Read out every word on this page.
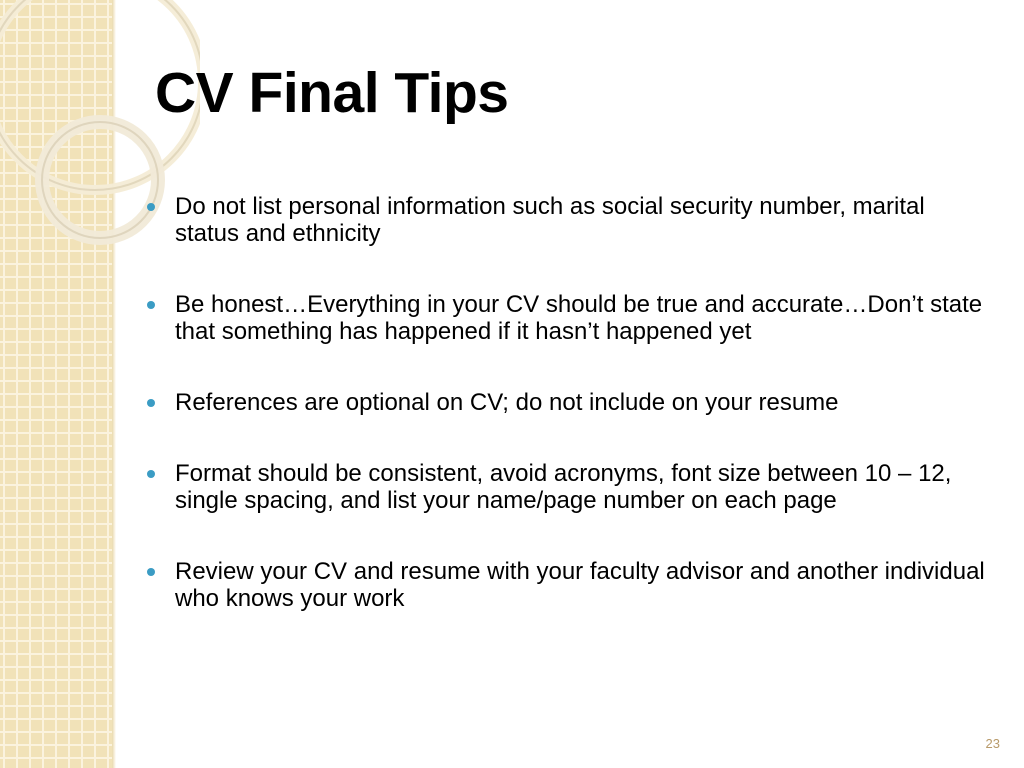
CV Final Tips
Do not list personal information such as social security number, marital status and ethnicity
Be honest…Everything in your CV should be true and accurate…Don’t state that something has happened if it hasn’t happened yet
References are optional on CV; do not include on your resume
Format should be consistent, avoid acronyms, font size between 10 – 12, single spacing, and list your name/page number on each page
Review your CV and resume with your faculty advisor and another individual who knows your work
23
